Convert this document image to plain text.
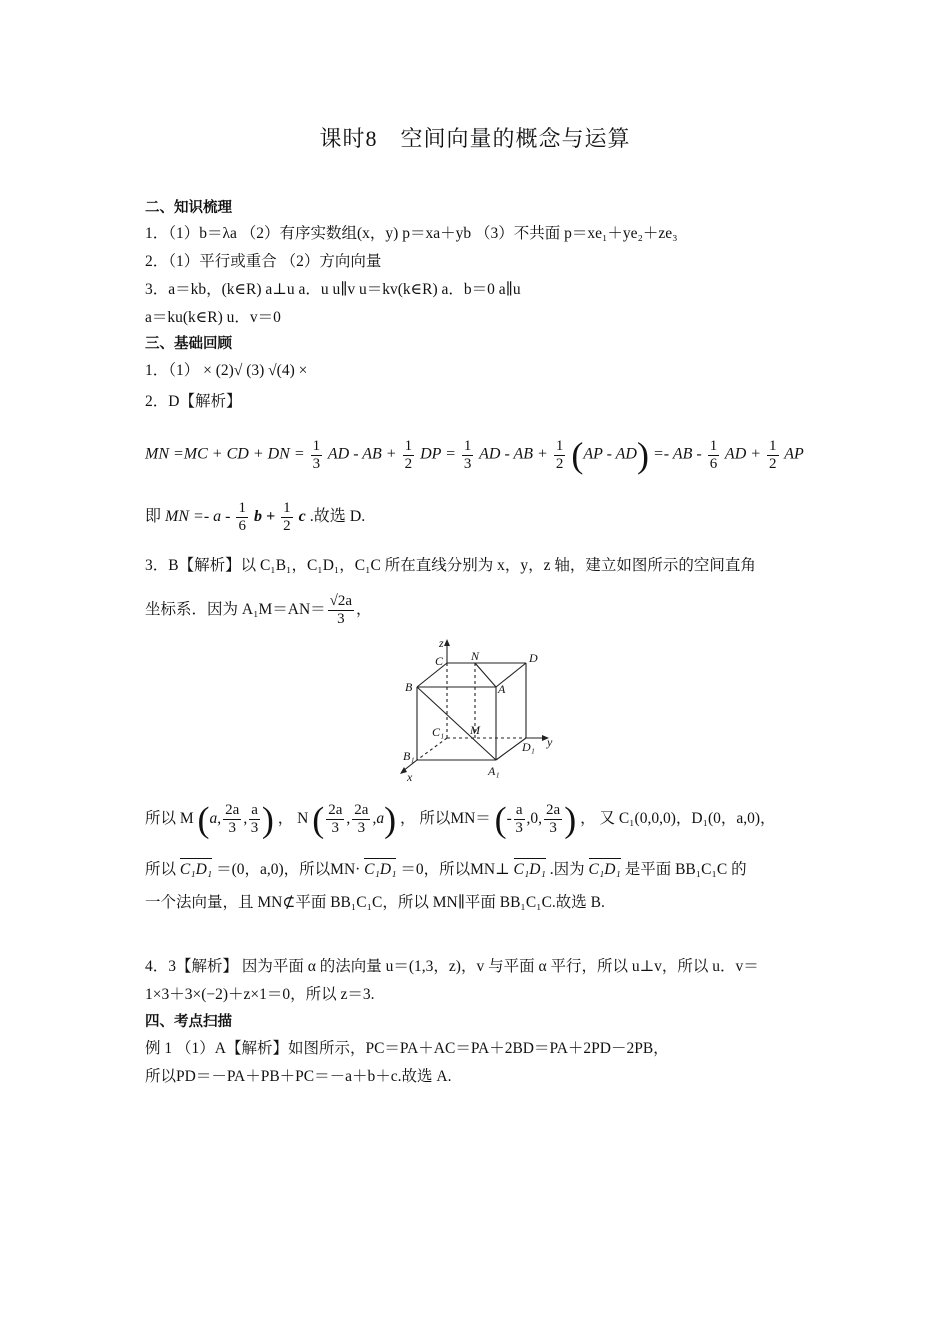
课时8　空间向量的概念与运算
二、知识梳理
1．（1）b＝λa （2）有序实数组(x，y) p＝xa＋yb （3）不共面 p＝xe₁＋ye₂＋ze₃
2．（1）平行或重合 （2）方向向量
3．a＝kb，(k∈R) a⊥u a．u u∥v u＝kv(k∈R) a．b＝0 a∥u
a＝ku(k∈R) u．v＝0
三、基础回顾
1．（1） × (2)√ (3) √(4) ×
2．D【解析】
MN =MC + CD + DN = $\frac{1}{3}$ AD - AB + $\frac{1}{2}$ DP = $\frac{1}{3}$ AD - AB + $\frac{1}{2} (AP - AD)$ =- AB - $\frac{1}{6}$ AD + $\frac{1}{2}$ AP
即 MN =- a - $\frac{1}{6}$ $b + \frac{1}{2}$ c .故选 D.
3．B【解析】以 C₁B₁，C₁D₁，C₁C 所在直线分别为 x，y，z 轴，建立如图所示的空间直角
坐标系．因为 $A_1M=AN= \frac{√2a}{3}$ ，
z
C N	D
B	A
C₁ M
B₁
D₁ y
A₁
x
所以 M (a, $\frac{2a}{3}$ , $\frac{a}{3}$ ) ， N ( $\frac{2a}{3}$ , $\frac{2a}{3} ,a$) ， 所以MN＝ (- $\frac{a}{3} ,0$, $\frac{2a}{3}$ ) ， 又 C₁(0,0,0)，D₁(0，a,0)，
所以 C₁D₁ ＝(0，a,0)，所以MN· C₁D₁ ＝0，所以MN⊥ C₁D₁ .因为 C₁D₁ 是平面 BB₁C₁C 的
一个法向量，且 MN⊄平面 BB₁C₁C，所以 MN∥平面 BB₁C₁C.故选 B.
4．3【解析】 因为平面 α 的法向量 u＝(1,3，z)，v 与平面 α 平行，所以 u⊥v，所以 u．v＝
1×3＋3×(−2)＋z×1＝0，所以 z＝3.
四、考点扫描
例 1 （1）A【解析】如图所示，PC＝PA＋AC＝PA＋2BD＝PA＋2PD－2PB，
所以PD＝－PA＋PB＋PC＝－a＋b＋c.故选 A.
